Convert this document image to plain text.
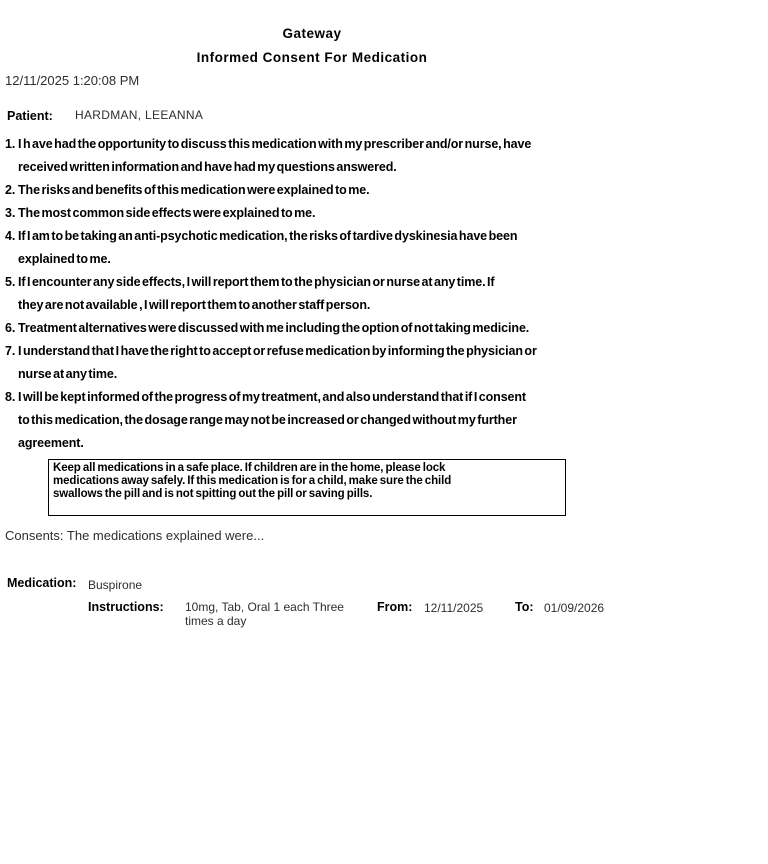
Gateway
Informed Consent For Medication
12/11/2025 1:20:08 PM
Patient: HARDMAN, LEEANNA
1. I h ave had the opportunity to discuss this medication with my prescriber and/or nurse, have
received written information and have had my questions answered.
2. The risks and benefits of this medication were explained to me.
3. The most common side effects were explained to me.
4. If I am to be taking an anti-psychotic medication, the risks of tardive dyskinesia have been
explained to me.
5. If I encounter any side effects, I will report them to the physician or nurse at any time. If
they are not available , I will report them to another staff person.
6. Treatment alternatives were discussed with me including the option of not taking medicine.
7. I understand that I have the right to accept or refuse medication by informing the physician or
nurse at any time.
8. I will be kept informed of the progress of my treatment, and also understand that if I consent
to this medication, the dosage range may not be increased or changed without my further
agreement.
Keep all medications in a safe place. If children are in the home, please lock
medications away safely. If this medication is for a child, make sure the child
swallows the pill and is not spitting out the pill or saving pills.
Consents: The medications explained were...
Medication: Buspirone
Instructions: 10mg, Tab, Oral 1 each Three times a day
From: 12/11/2025	To: 01/09/2026
